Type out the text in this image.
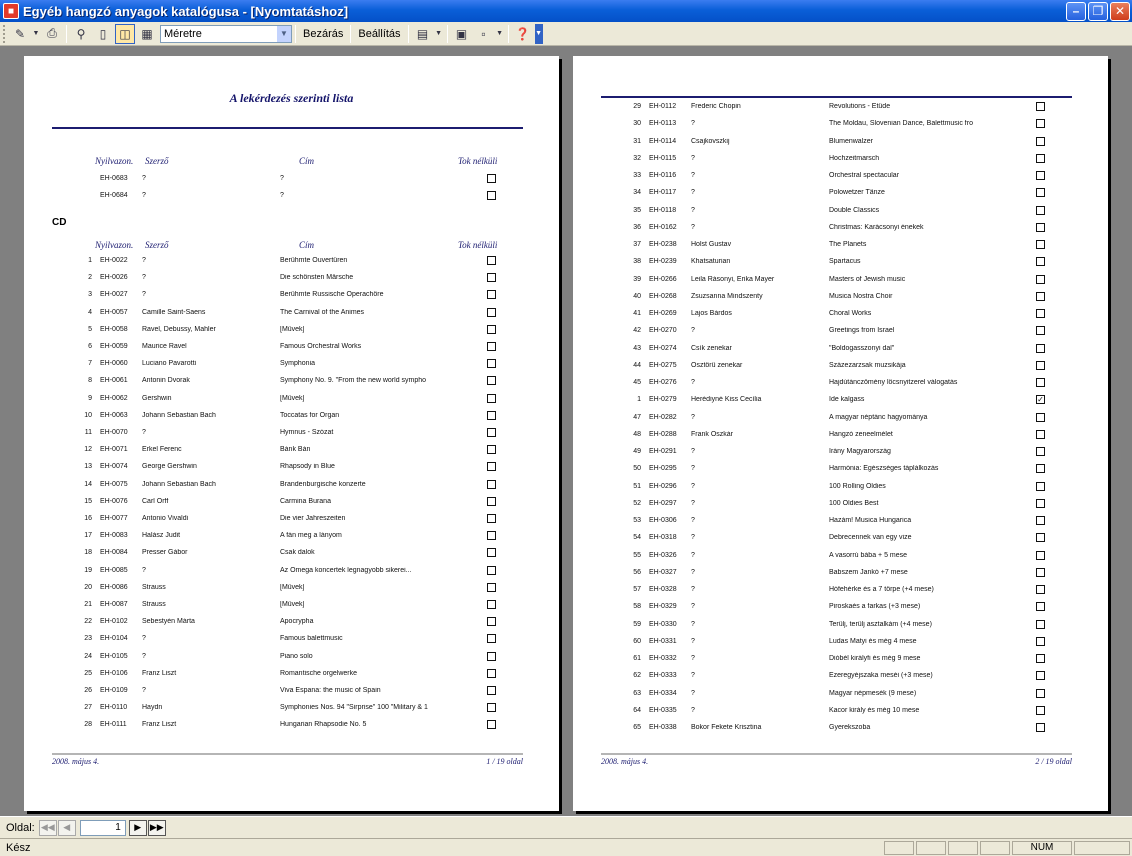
■ Egyéb hangzó anyagok katalógusa - [Nyomtatáshoz]	– ❐ ✕
✎	▼ ⎙	⚲	▯	◫ ▦	Méretre	▼	Bezárás	Beállítás	▤ ▼	▣	▫	▼ ❓ ▼
A lekérdezés szerinti lista
Nyilvazon. Szerző	Cím	Tok nélküli
EH-0683 ?	?
EH-0684 ?	?
CD
Nyilvazon. Szerző	Cím	Tok nélküli
1 EH-0022 ?	Berühmte Ouvertüren
2 EH-0026 ?	Die schönsten Märsche
3 EH-0027 ?	Berühmte Russische Operachöre
4 EH-0057 Camille Saint-Saens	The Carnival of the Animes
5 EH-0058 Ravel, Debussy, Mahler	[Művek]
6 EH-0059 Maurice Ravel	Famous Orchestral Works
7 EH-0060 Luciano Pavarotti	Symphonia
8 EH-0061 Antonin Dvorak	Symphony No. 9. "From the new world sympho
9 EH-0062 Gershwin	[Művek]
10 EH-0063 Johann Sebastian Bach	Toccatas for Organ
11 EH-0070 ?	Hymnus - Szózat
12 EH-0071 Erkel Ferenc	Bánk Bán
13 EH-0074 George Gershwin	Rhapsody in Blue
14 EH-0075 Johann Sebastian Bach	Brandenburgische konzerte
15 EH-0076 Carl Orff	Carmina Burana
16 EH-0077 Antonio Vivaldi	Die vier Jahreszeiten
17 EH-0083 Halász Judit	A fán meg a lányom
18 EH-0084 Presser Gábor	Csak dalok
19 EH-0085 ?	Az Omega koncertek legnagyobb sikerei...
20 EH-0086 Strauss	[Művek]
21 EH-0087 Strauss	[Művek]
22 EH-0102 Sebestyén Márta	Apocrypha
23 EH-0104 ?	Famous balettmusic
24 EH-0105 ?	Piano solo
25 EH-0106 Franz Liszt	Romantische orgelwerke
26 EH-0109 ?	Viva Espana: the music of Spain
27 EH-0110 Haydn	Symphonies Nos. 94 "Sirprise" 100 "Military & 1
28 EH-0111 Franz Liszt	Hungarian Rhapsodie No. 5
2008. május 4.	1 / 19 oldal
29 EH-0112 Frederic Chopin	Revolutions - Etüde
30 EH-0113 ?	The Moldau, Slovenian Dance, Balettmusic fro
31 EH-0114 Csajkovszkij	Blumenwalzer
32 EH-0115 ?	Hochzeitmarsch
33 EH-0116 ?	Orchestral spectacular
34 EH-0117 ?	Polowetzer Tänze
35 EH-0118 ?	Double Classics
36 EH-0162 ?	Christmas: Karácsonyi énekek
37 EH-0238 Holst Gustav	The Planets
38 EH-0239 Khatsaturian	Spartacus
39 EH-0266 Leila Rásonyi, Erika Mayer	Masters of Jewish music
40 EH-0268 Zsuzsanna Mindszenty	Musica Nostra Choir
41 EH-0269 Lajos Bárdos	Choral Works
42 EH-0270 ?	Greetings from Israel
43 EH-0274 Csík zenekar	"Boldogasszonyi dal"
44 EH-0275 Ösztörü zenekar	Százezarzsak muzsikája
45 EH-0276 ?	Hajdútánczömény löcsnyitzerel válogatás
1 EH-0279 Herédiyné Kiss Cecília	Ide kalgass	✓
47 EH-0282 ?	A magyar néptánc hagyománya
48 EH-0288 Frank Oszkár	Hangzó zeneelmélet
49 EH-0291 ?	Irány Magyarország
50 EH-0295 ?	Harmónia: Egészséges táplálkozás
51 EH-0296 ?	100 Rolling Oldies
52 EH-0297 ?	100 Oldies Best
53 EH-0306 ?	Hazám! Musica Hungarica
54 EH-0318 ?	Debrecennek van egy vize
55 EH-0326 ?	A vasorrú bába + 5 mese
56 EH-0327 ?	Babszem Jankó +7 mese
57 EH-0328 ?	Hófehérke és a 7 törpe (+4 mese)
58 EH-0329 ?	Piroskaés a farkas (+3 mese)
59 EH-0330 ?	Terülj, terülj asztalkám (+4 mese)
60 EH-0331 ?	Ludas Matyi és még 4 mese
61 EH-0332 ?	Dióbél királyfi és még 9 mese
62 EH-0333 ?	Ezeregyéjszaka meséi (+3 mese)
63 EH-0334 ?	Magyar népmesék (9 mese)
64 EH-0335 ?	Kacor király és még 10 mese
65 EH-0338 Bokor Fekete Krisztina	Gyerekszoba
2008. május 4.	2 / 19 oldal
Oldal: ◀◀ ◀	1	▶ ▶▶
Kész	NUM
